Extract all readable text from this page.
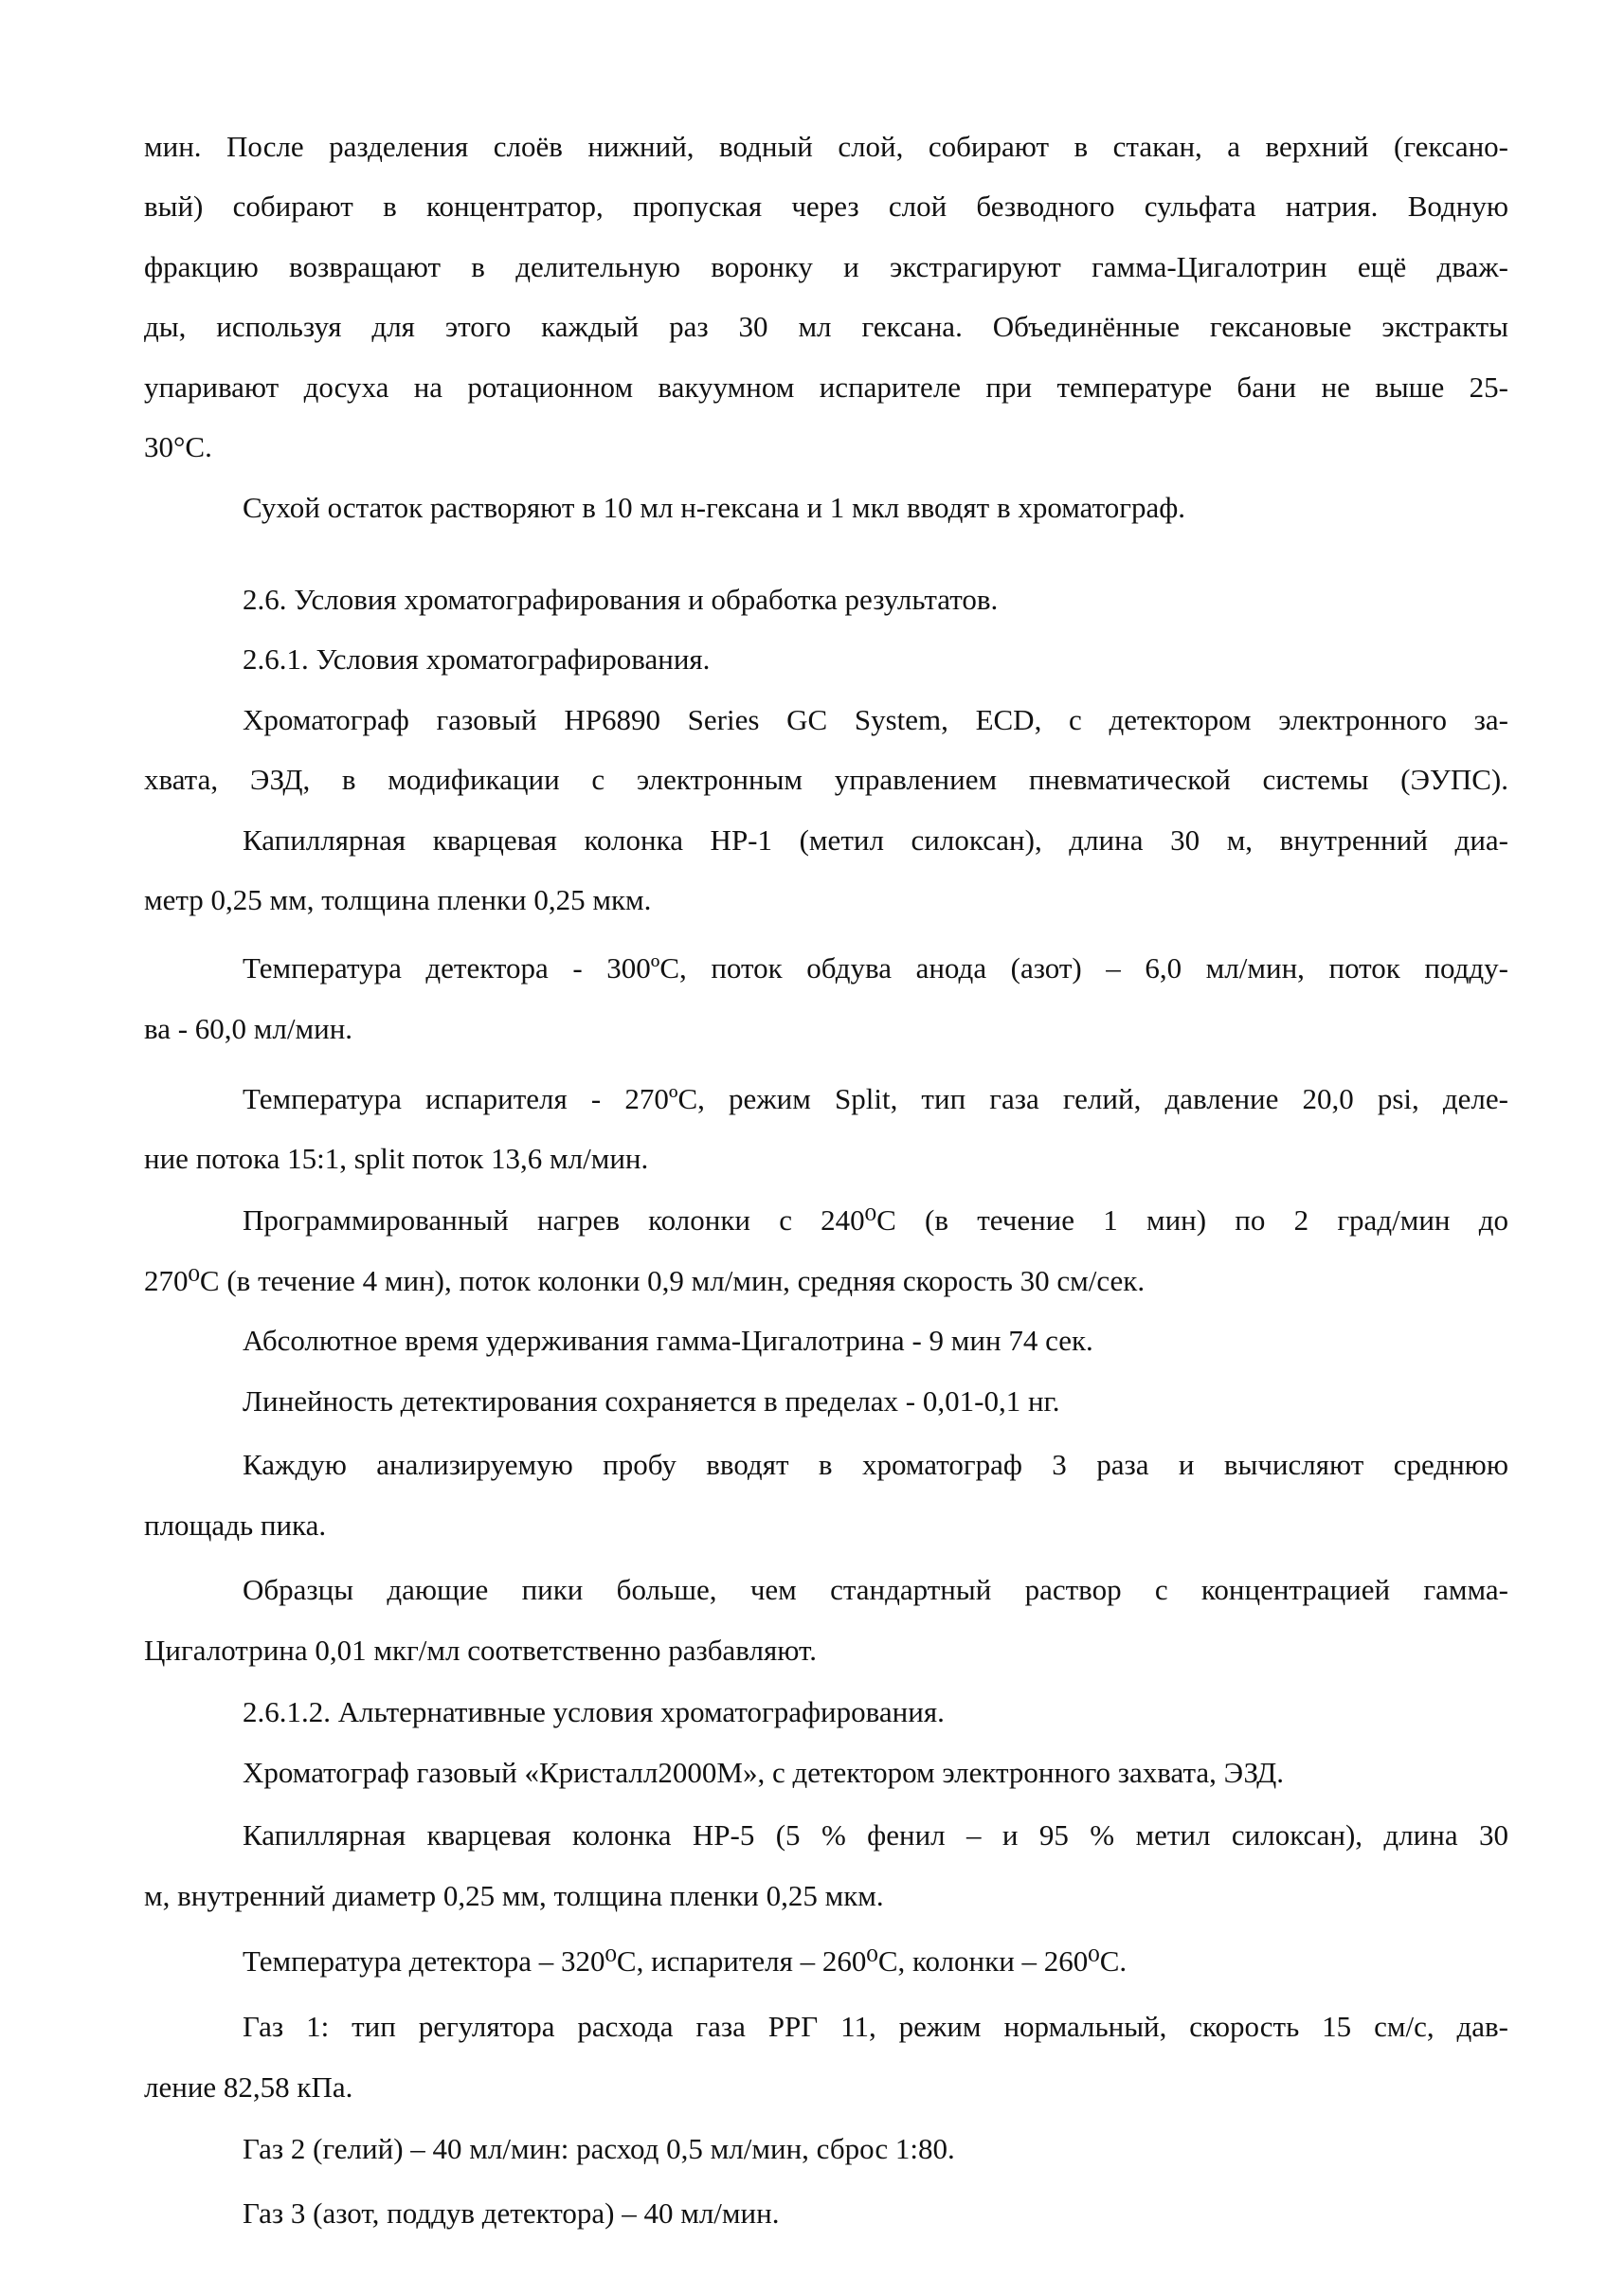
мин. После разделения слоёв нижний, водный слой, собирают в стакан, а верхний (гексано-
вый) собирают в концентратор, пропуская через слой безводного сульфата натрия. Водную
фракцию возвращают в делительную воронку и экстрагируют гамма-Цигалотрин ещё дваж-
ды, используя для этого каждый раз 30 мл гексана. Объединённые гексановые экстракты
упаривают досуха на ротационном вакуумном испарителе при температуре бани не выше 25-
30°С.
Сухой остаток растворяют в 10 мл н-гексана и 1 мкл вводят в хроматограф.
2.6. Условия хроматографирования и обработка результатов.
2.6.1. Условия хроматографирования.
Хроматограф газовый HP6890 Series GC System, ECD, с детектором электронного за-
хвата, ЭЗД, в модификации с электронным управлением пневматической системы (ЭУПС).
Капиллярная кварцевая колонка HP-1 (метил силоксан), длина 30 м, внутренний диа-
метр 0,25 мм, толщина пленки 0,25 мкм.
Температура детектора - 300ºС, поток обдува анода (азот) – 6,0 мл/мин, поток подду-
ва - 60,0 мл/мин.
Температура испарителя - 270ºС, режим Split, тип газа гелий, давление 20,0 psi, деле-
ние потока 15:1, split поток 13,6 мл/мин.
Программированный нагрев колонки с 240⁰С (в течение 1 мин) по 2 град/мин до
270⁰С (в течение 4 мин), поток колонки 0,9 мл/мин, средняя скорость 30 см/сек.
Абсолютное время удерживания гамма-Цигалотрина - 9 мин 74 сек.
Линейность детектирования сохраняется в пределах - 0,01-0,1 нг.
Каждую анализируемую пробу вводят в хроматограф 3 раза и вычисляют среднюю
площадь пика.
Образцы дающие пики больше, чем стандартный раствор с концентрацией гамма-
Цигалотрина 0,01 мкг/мл соответственно разбавляют.
2.6.1.2. Альтернативные условия хроматографирования.
Хроматограф газовый «Кристалл2000М», с детектором электронного захвата, ЭЗД.
Капиллярная кварцевая колонка HP-5 (5 % фенил – и 95 % метил силоксан), длина 30
м, внутренний диаметр 0,25 мм, толщина пленки 0,25 мкм.
Температура детектора – 320⁰С, испарителя – 260⁰С, колонки – 260⁰С.
Газ 1: тип регулятора расхода газа РРГ 11, режим нормальный, скорость 15 см/с, дав-
ление 82,58 кПа.
Газ 2 (гелий) – 40 мл/мин: расход 0,5 мл/мин, сброс 1:80.
Газ 3 (азот, поддув детектора) – 40 мл/мин.
